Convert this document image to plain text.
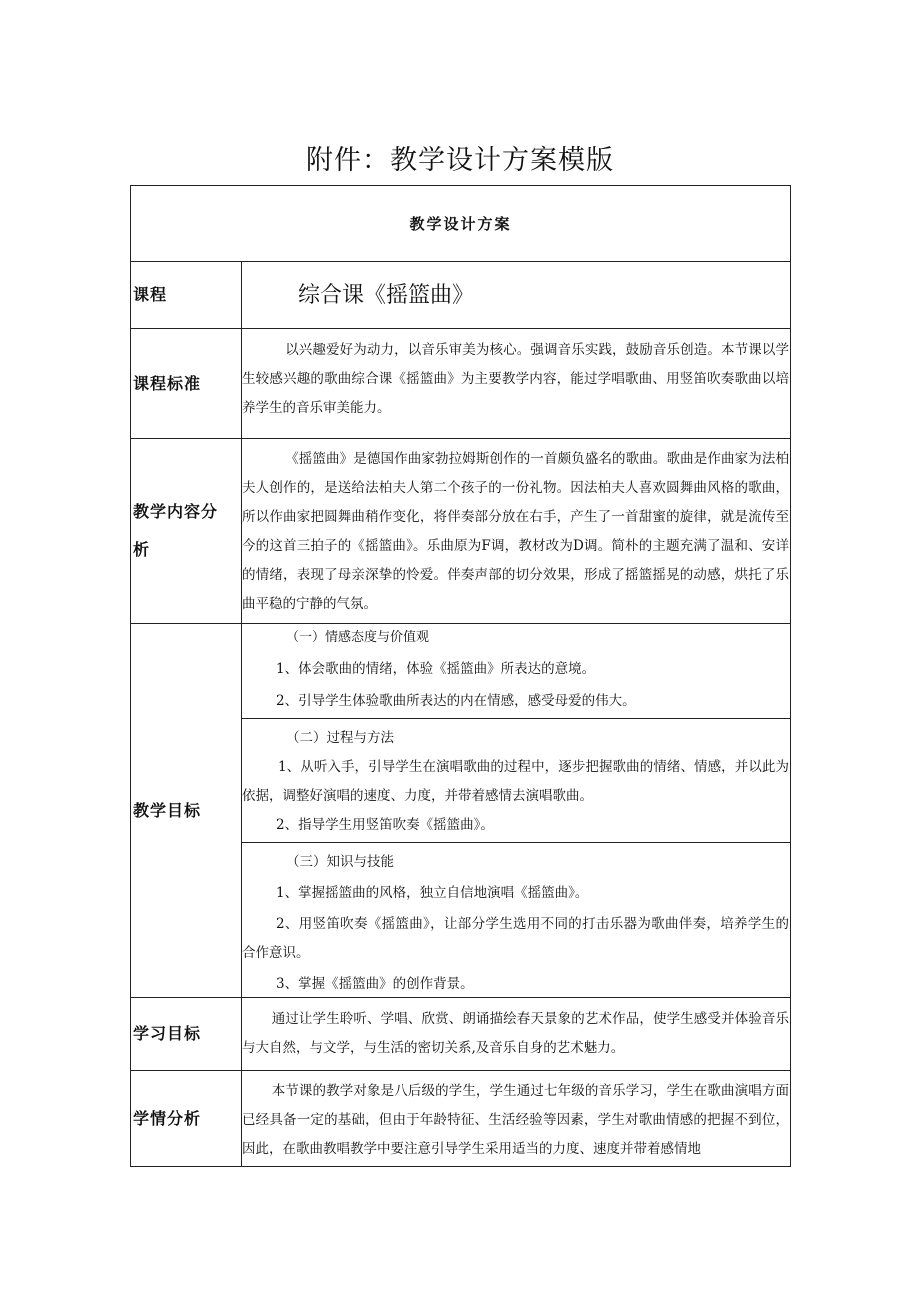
附件：教学设计方案模版
教学设计方案
课程	综合课《摇篮曲》
课程标准

以兴趣爱好为动力，以音乐审美为核心。强调音乐实践，鼓励音乐创造。本节课以学生较感兴趣的歌曲综合课《摇篮曲》为主要教学内容，能过学唱歌曲、用竖笛吹奏歌曲以培养学生的音乐审美能力。

教学内容分析

《摇篮曲》是德国作曲家勃拉姆斯创作的一首颇负盛名的歌曲。歌曲是作曲家为法柏夫人创作的，是送给法柏夫人第二个孩子的一份礼物。因法柏夫人喜欢圆舞曲风格的歌曲，所以作曲家把圆舞曲稍作变化，将伴奏部分放在右手，产生了一首甜蜜的旋律，就是流传至今的这首三拍子的《摇篮曲》。乐曲原为F调，教材改为D调。简朴的主题充满了温和、安详的情绪，表现了母亲深挚的怜爱。伴奏声部的切分效果，形成了摇篮摇晃的动感，烘托了乐曲平稳的宁静的气氛。

教学目标

（一）情感态度与价值观

1、体会歌曲的情绪，体验《摇篮曲》所表达的意境。

2、引导学生体验歌曲所表达的内在情感，感受母爱的伟大。

（二）过程与方法

1、从听入手，引导学生在演唱歌曲的过程中，逐步把握歌曲的情绪、情感，并以此为依据，调整好演唱的速度、力度，并带着感情去演唱歌曲。

2、指导学生用竖笛吹奏《摇篮曲》。

（三）知识与技能

1、掌握摇篮曲的风格，独立自信地演唱《摇篮曲》。

2、用竖笛吹奏《摇篮曲》，让部分学生选用不同的打击乐器为歌曲伴奏，培养学生的合作意识。

3、掌握《摇篮曲》的创作背景。

学习目标

通过让学生聆听、学唱、欣赏、朗诵描绘春天景象的艺术作品，使学生感受并体验音乐与大自然，与文学，与生活的密切关系,及音乐自身的艺术魅力。

学情分析

本节课的教学对象是八后级的学生，学生通过七年级的音乐学习，学生在歌曲演唱方面已经具备一定的基础，但由于年龄特征、生活经验等因素，学生对歌曲情感的把握不到位，因此，在歌曲教唱教学中要注意引导学生采用适当的力度、速度并带着感情地
